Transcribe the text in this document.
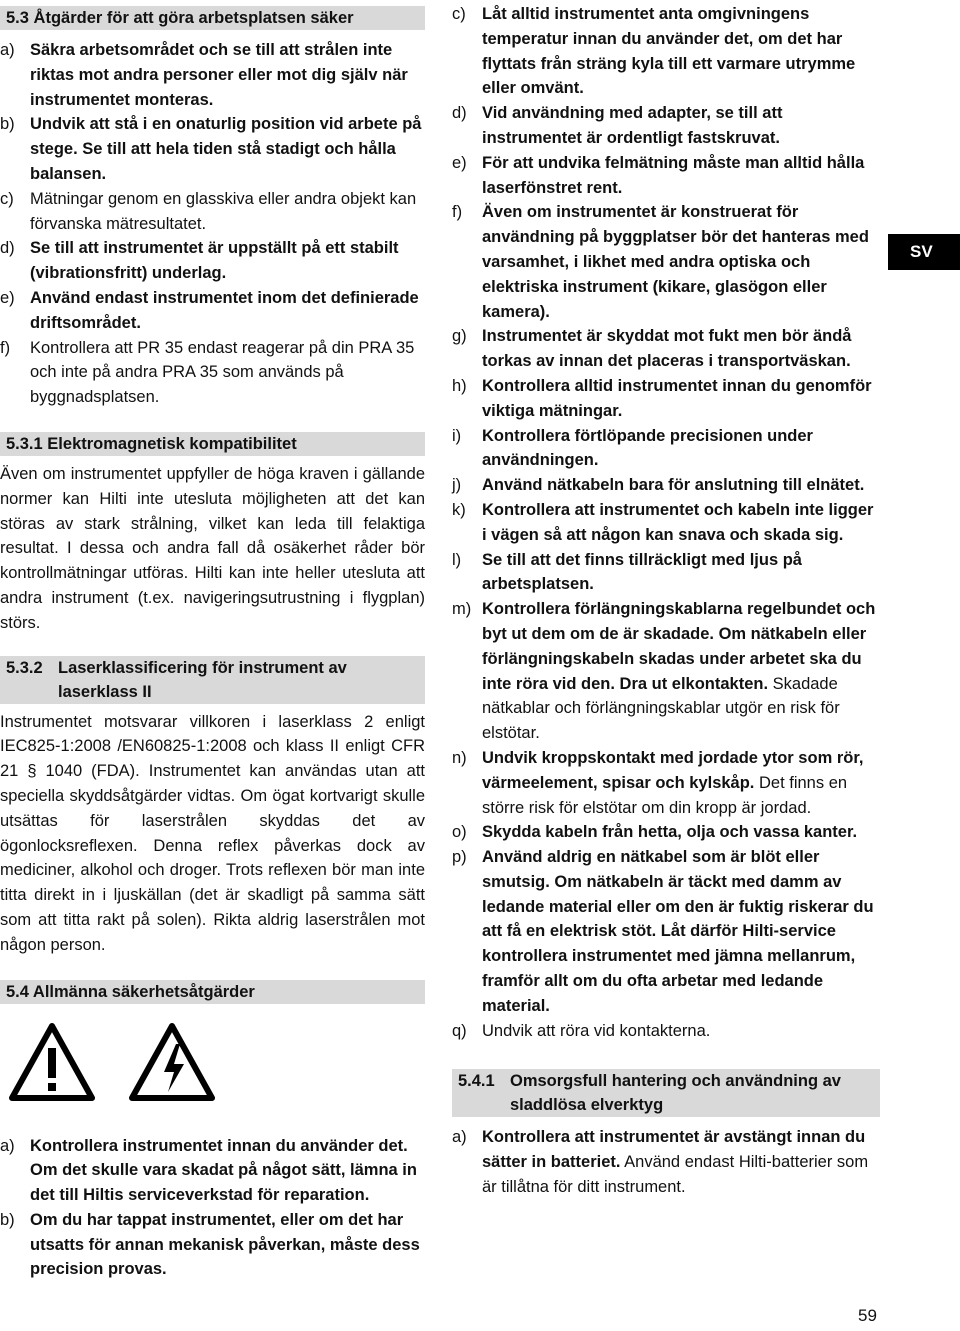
5.3 Åtgärder för att göra arbetsplatsen säker
a) Säkra arbetsområdet och se till att strålen inte riktas mot andra personer eller mot dig själv när instrumentet monteras.
b) Undvik att stå i en onaturlig position vid arbete på stege. Se till att hela tiden stå stadigt och hålla balansen.
c) Mätningar genom en glasskiva eller andra objekt kan förvanska mätresultatet.
d) Se till att instrumentet är uppställt på ett stabilt (vibrationsfritt) underlag.
e) Använd endast instrumentet inom det definierade driftsområdet.
f)	Kontrollera att PR 35 endast reagerar på din PRA 35 och inte på andra PRA 35 som används på byggnadsplatsen.
5.3.1 Elektromagnetisk kompatibilitet

Även om instrumentet uppfyller de höga kraven i gällande normer kan Hilti inte utesluta möjligheten att det kan störas av stark strålning, vilket kan leda till felaktiga resultat. I dessa och andra fall då osäkerhet råder bör kontrollmätningar utföras. Hilti kan inte heller utesluta att andra instrument (t.ex. navigeringsutrustning i flygplan) störs.

5.3.2 Laserklassificering för instrument av laserklass II

Instrumentet motsvarar villkoren i laserklass 2 enligt IEC825-1:2008 /EN60825-1:2008 och klass II enligt CFR 21 § 1040 (FDA). Instrumentet kan användas utan att speciella skyddsåtgärder vidtas. Om ögat kortvarigt skulle utsättas för laserstrålen skyddas det av ögonlocksreflexen. Denna reflex påverkas dock av mediciner, alkohol och droger. Trots reflexen bör man inte titta direkt in i ljuskällan (det är skadligt på samma sätt som att titta rakt på solen). Rikta aldrig laserstrålen mot någon person.

5.4 Allmänna säkerhetsåtgärder
a) Kontrollera instrumentet innan du använder det. Om det skulle vara skadat på något sätt, lämna in det till Hiltis serviceverkstad för reparation.
b) Om du har tappat instrumentet, eller om det har utsatts för annan mekanisk påverkan, måste dess precision provas.
c) Låt alltid instrumentet anta omgivningens temperatur innan du använder det, om det har flyttats från sträng kyla till ett varmare utrymme eller omvänt.
d) Vid användning med adapter, se till att instrumentet är ordentligt fastskruvat.
e) För att undvika felmätning måste man alltid hålla laserfönstret rent.
f)	Även om instrumentet är konstruerat för användning på byggplatser bör det hanteras med varsamhet, i likhet med andra optiska och elektriska instrument (kikare, glasögon eller kamera).
g) Instrumentet är skyddat mot fukt men bör ändå torkas av innan det placeras i transportväskan.
h) Kontrollera alltid instrumentet innan du genomför viktiga mätningar.
i)	Kontrollera förtlöpande precisionen under användningen.
j)	Använd nätkabeln bara för anslutning till elnätet.
k) Kontrollera att instrumentet och kabeln inte ligger i vägen så att någon kan snava och skada sig.
l)	Se till att det finns tillräckligt med ljus på arbetsplatsen.
m) Kontrollera förlängningskablarna regelbundet och byt ut dem om de är skadade. Om nätkabeln eller förlängningskabeln skadas under arbetet ska du inte röra vid den. Dra ut elkontakten. Skadade nätkablar och förlängningskablar utgör en risk för elstötar.
n) Undvik kroppskontakt med jordade ytor som rör, värmeelement, spisar och kylskåp. Det finns en större risk för elstötar om din kropp är jordad.
o) Skydda kabeln från hetta, olja och vassa kanter.
p) Använd aldrig en nätkabel som är blöt eller smutsig. Om nätkabeln är täckt med damm av ledande material eller om den är fuktig riskerar du att få en elektrisk stöt. Låt därför Hilti-service kontrollera instrumentet med jämna mellanrum, framför allt om du ofta arbetar med ledande material.
q) Undvik att röra vid kontakterna.
5.4.1 Omsorgsfull hantering och användning av sladdlösa elverktyg
a) Kontrollera att instrumentet är avstängt innan du sätter in batteriet. Använd endast Hilti-batterier som är tillåtna för ditt instrument.
SV
59
